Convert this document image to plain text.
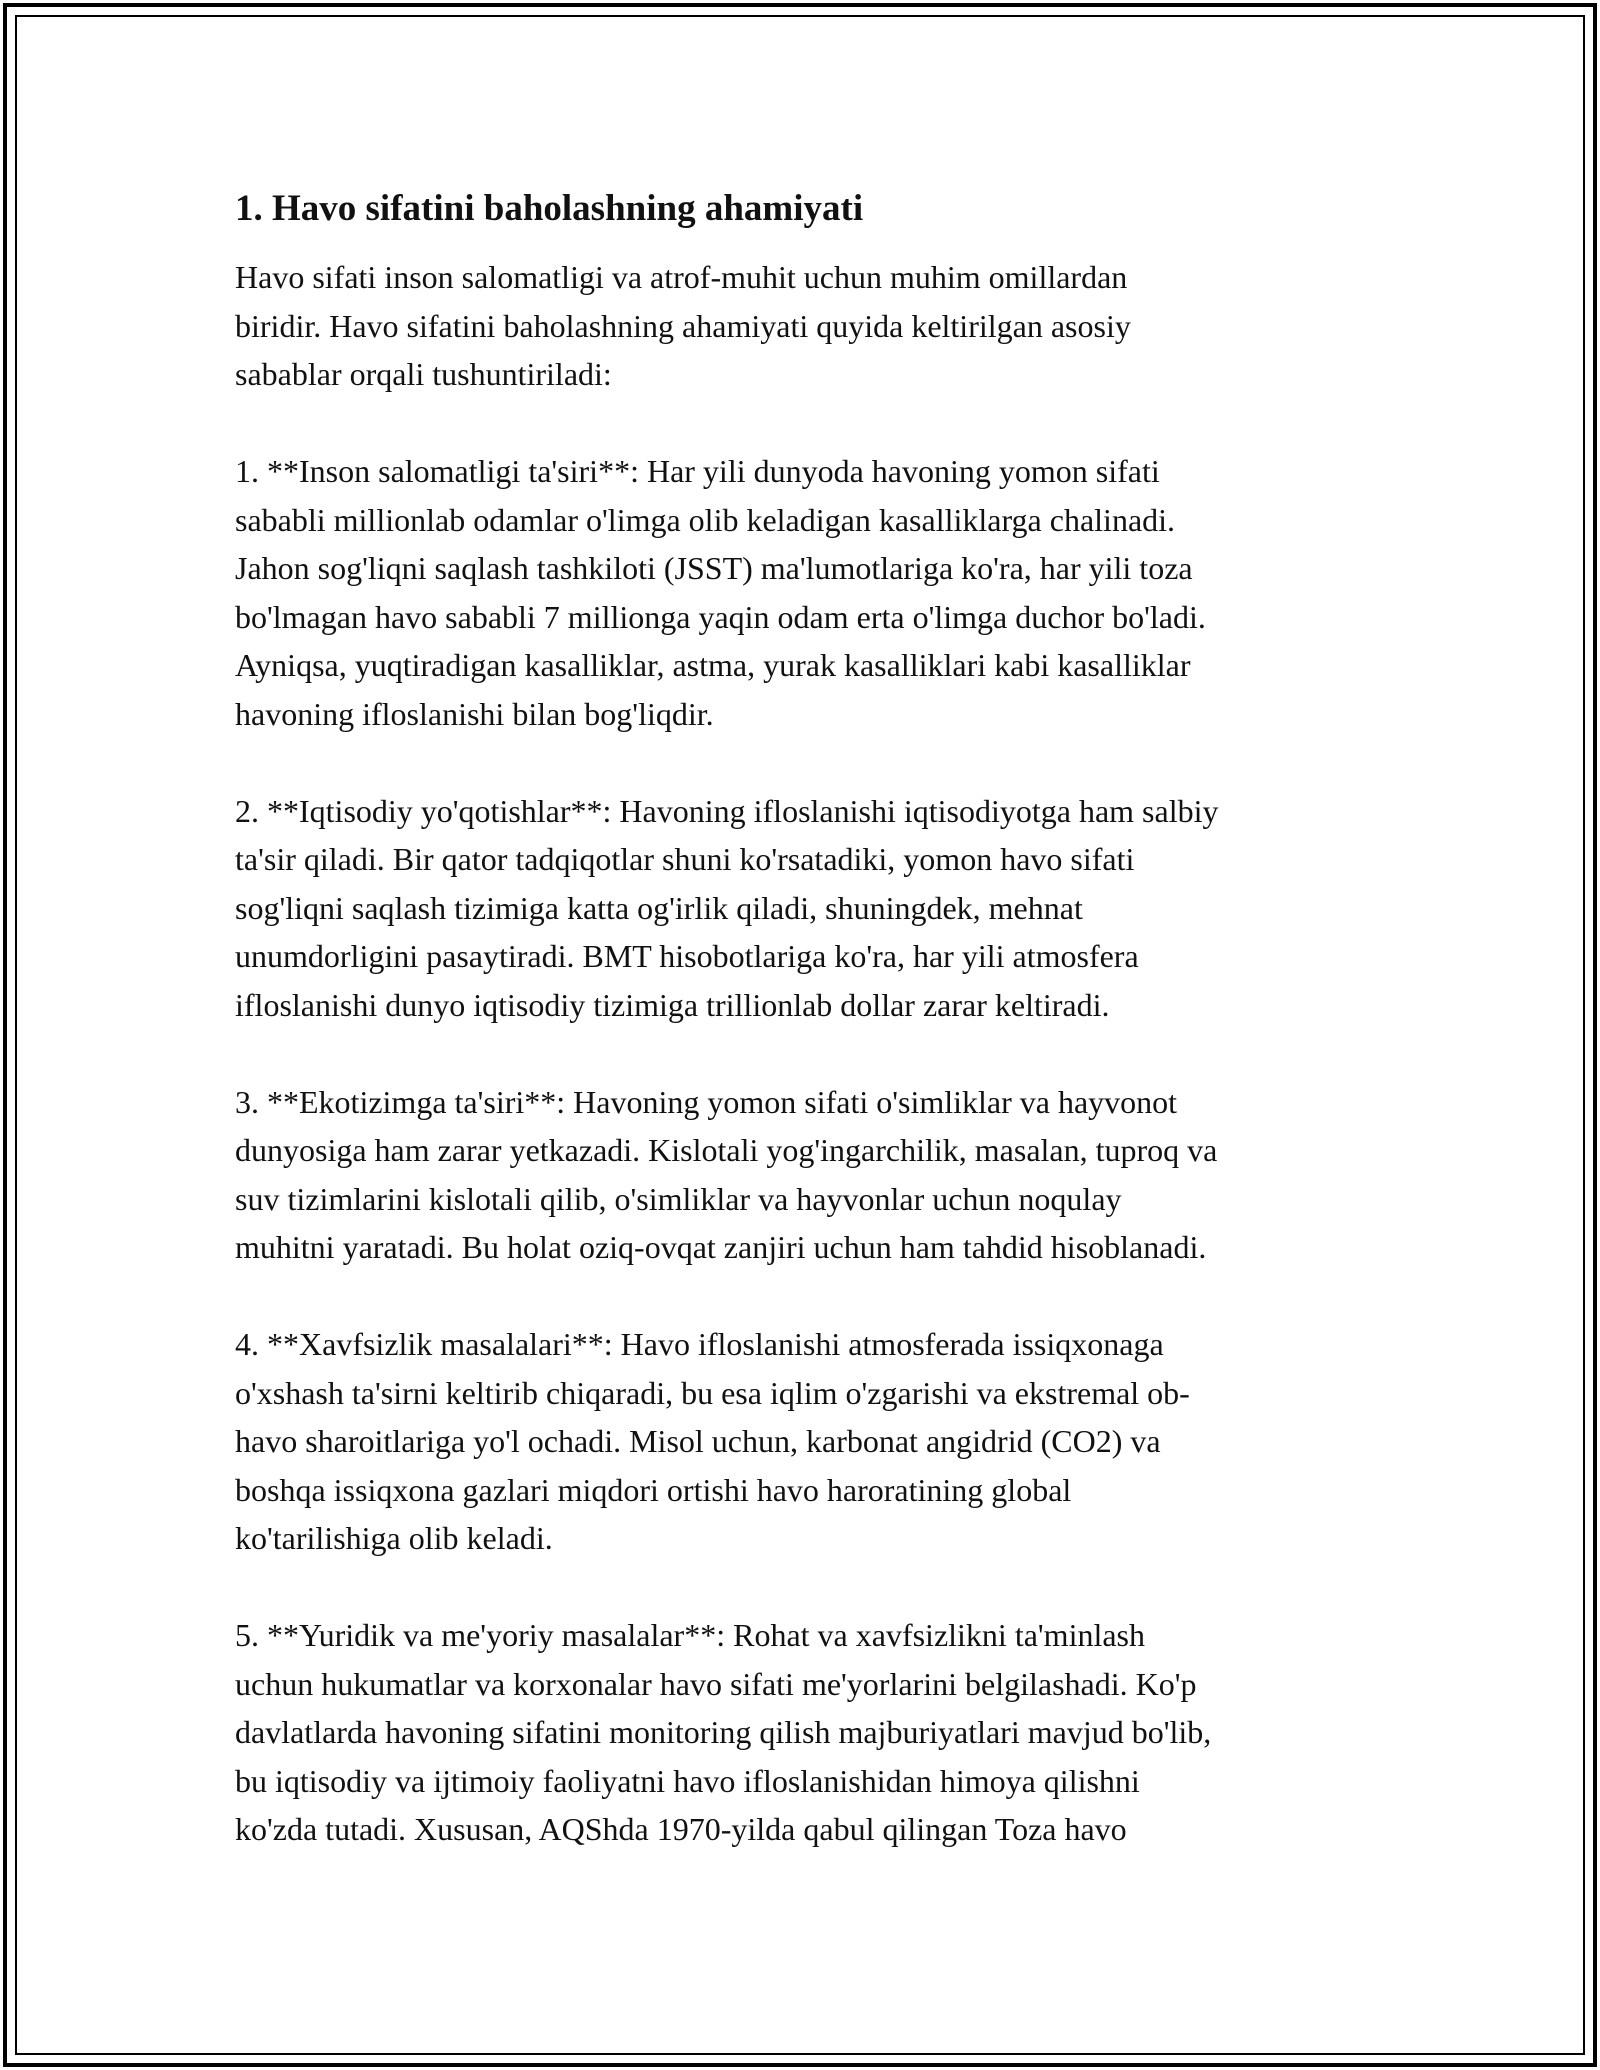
1. Havo sifatini baholashning ahamiyati
Havo sifati inson salomatligi va atrof-muhit uchun muhim omillardan
biridir. Havo sifatini baholashning ahamiyati quyida keltirilgan asosiy
sabablar orqali tushuntiriladi:
1. **Inson salomatligi ta'siri**: Har yili dunyoda havoning yomon sifati
sababli millionlab odamlar o'limga olib keladigan kasalliklarga chalinadi.
Jahon sog'liqni saqlash tashkiloti (JSST) ma'lumotlariga ko'ra, har yili toza
bo'lmagan havo sababli 7 millionga yaqin odam erta o'limga duchor bo'ladi.
Ayniqsa, yuqtiradigan kasalliklar, astma, yurak kasalliklari kabi kasalliklar
havoning ifloslanishi bilan bog'liqdir.
2. **Iqtisodiy yo'qotishlar**: Havoning ifloslanishi iqtisodiyotga ham salbiy
ta'sir qiladi. Bir qator tadqiqotlar shuni ko'rsatadiki, yomon havo sifati
sog'liqni saqlash tizimiga katta og'irlik qiladi, shuningdek, mehnat
unumdorligini pasaytiradi. BMT hisobotlariga ko'ra, har yili atmosfera
ifloslanishi dunyo iqtisodiy tizimiga trillionlab dollar zarar keltiradi.
3. **Ekotizimga ta'siri**: Havoning yomon sifati o'simliklar va hayvonot
dunyosiga ham zarar yetkazadi. Kislotali yog'ingarchilik, masalan, tuproq va
suv tizimlarini kislotali qilib, o'simliklar va hayvonlar uchun noqulay
muhitni yaratadi. Bu holat oziq-ovqat zanjiri uchun ham tahdid hisoblanadi.
4. **Xavfsizlik masalalari**: Havo ifloslanishi atmosferada issiqxonaga
o'xshash ta'sirni keltirib chiqaradi, bu esa iqlim o'zgarishi va ekstremal ob-
havo sharoitlariga yo'l ochadi. Misol uchun, karbonat angidrid (CO2) va
boshqa issiqxona gazlari miqdori ortishi havo haroratining global
ko'tarilishiga olib keladi.
5. **Yuridik va me'yoriy masalalar**: Rohat va xavfsizlikni ta'minlash
uchun hukumatlar va korxonalar havo sifati me'yorlarini belgilashadi. Ko'p
davlatlarda havoning sifatini monitoring qilish majburiyatlari mavjud bo'lib,
bu iqtisodiy va ijtimoiy faoliyatni havo ifloslanishidan himoya qilishni
ko'zda tutadi. Xususan, AQShda 1970-yilda qabul qilingan Toza havo
